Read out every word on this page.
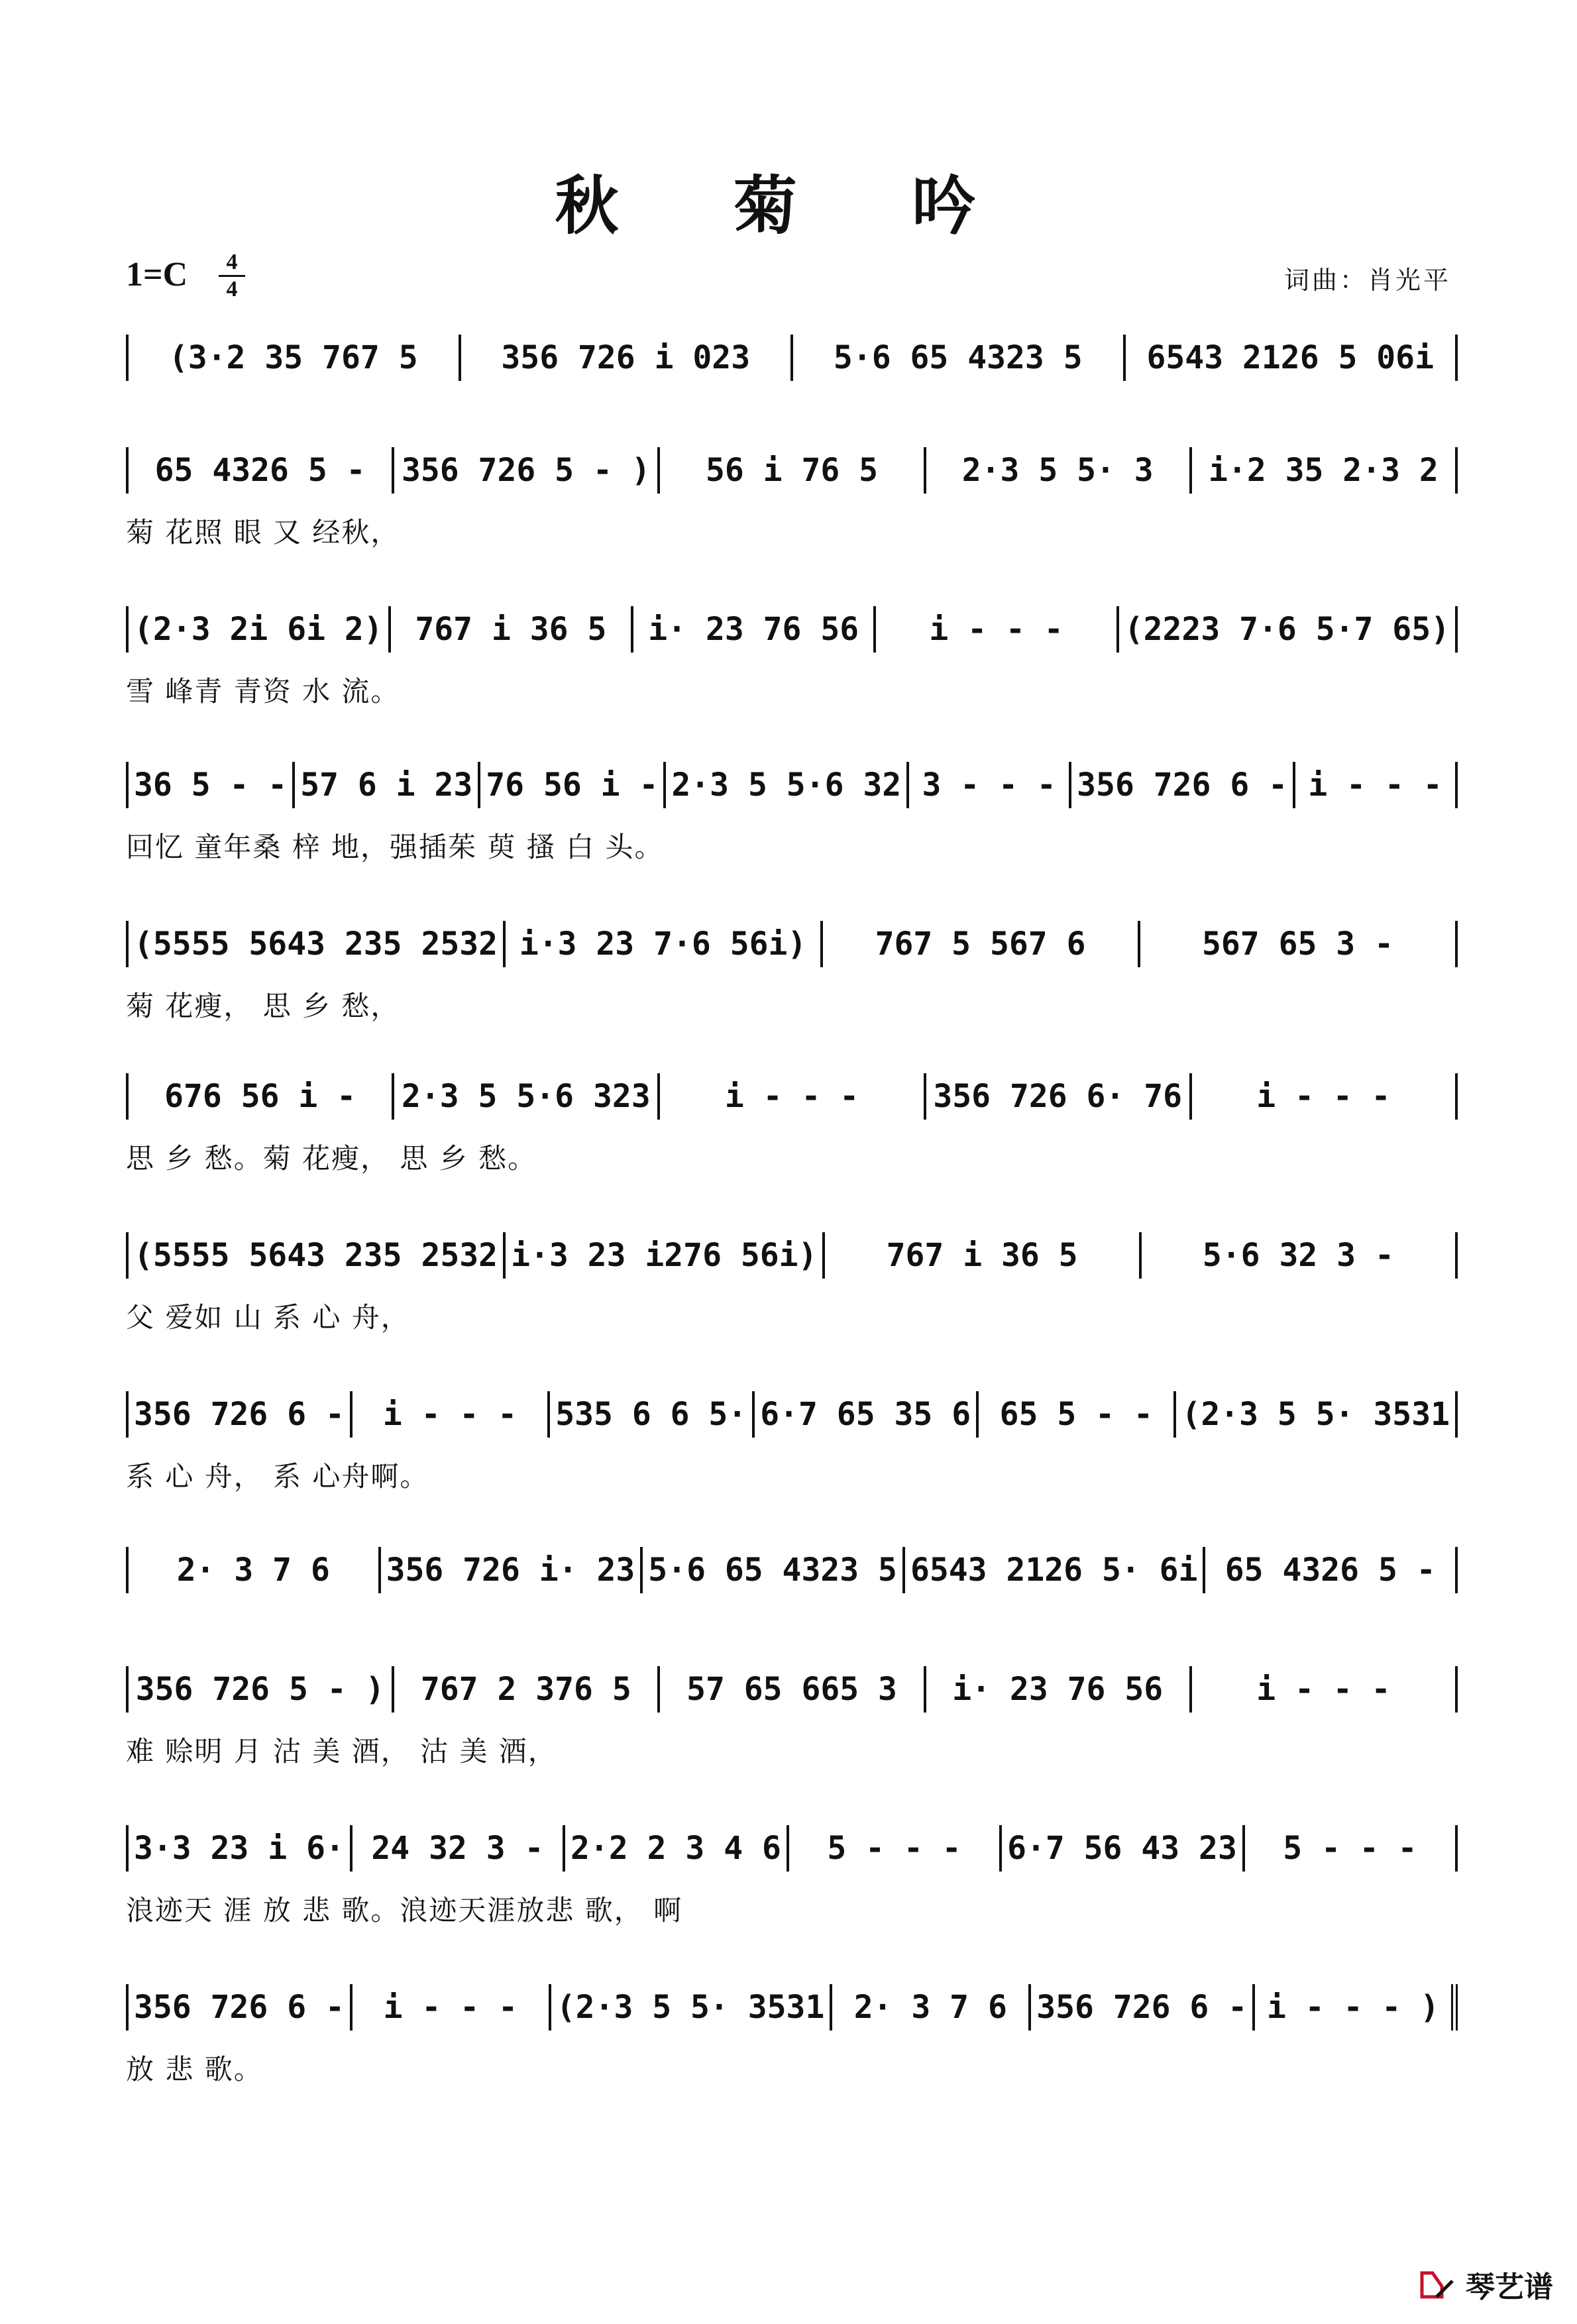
秋 菊 吟
1=C	4
4	词曲：肖光平
(3·2 35 767 5	356 726 i 023	5·6 65 4323 5	6543 2126 5 06i
65 4326 5 -	356 726 5 - )	56 i 76 5	2·3 5 5· 3	i·2 35 2·3 2
菊 花照 眼 又 经秋，
(2·3 2i 6i 2)	767 i 36 5	i· 23 76 56	i - - -	(2223 7·6 5·7 65)
雪 峰青 青资 水 流。
36 5 - - 57 6 i 23 76 56 i - 2·3 5 5·6 32 3 - - - 356 726 6 - i - - -
回忆 童年桑 梓 地，强插茱 萸 搔 白 头。
(5555 5643 235 2532 i·3 23 7·6 56i)	767 5 567 6	567 65 3 -
菊 花瘦， 思 乡 愁，
676 56 i -	2·3 5 5·6 323	i - - -	356 726 6· 76	i - - -
思 乡 愁。菊 花瘦， 思 乡 愁。
(5555 5643 235 2532 i·3 23 i276 56i)	767 i 36 5	5·6 32 3 -
父 爱如 山 系 心 舟，
356 726 6 -	i - - -	535 6 6 5· 6·7 65 35 6 65 5 - - (2·3 5 5· 3531
系 心 舟， 系 心舟啊。
2· 3 7 6	356 726 i· 23 5·6 65 4323 5 6543 2126 5· 6i 65 4326 5 -
356 726 5 - )	767 2 376 5	57 65 665 3	i· 23 76 56	i - - -
难 赊明 月 沽 美 酒， 沽 美 酒，
3·3 23 i 6· 24 32 3 - 2·2 2 3 4 6	5 - - -	6·7 56 43 23	5 - - -
浪迹天 涯 放 悲 歌。浪迹天涯放悲 歌， 啊
356 726 6 -	i - - -	(2·3 5 5· 3531 2· 3 7 6 356 726 6 - i - - - )
放 悲 歌。
琴艺谱
